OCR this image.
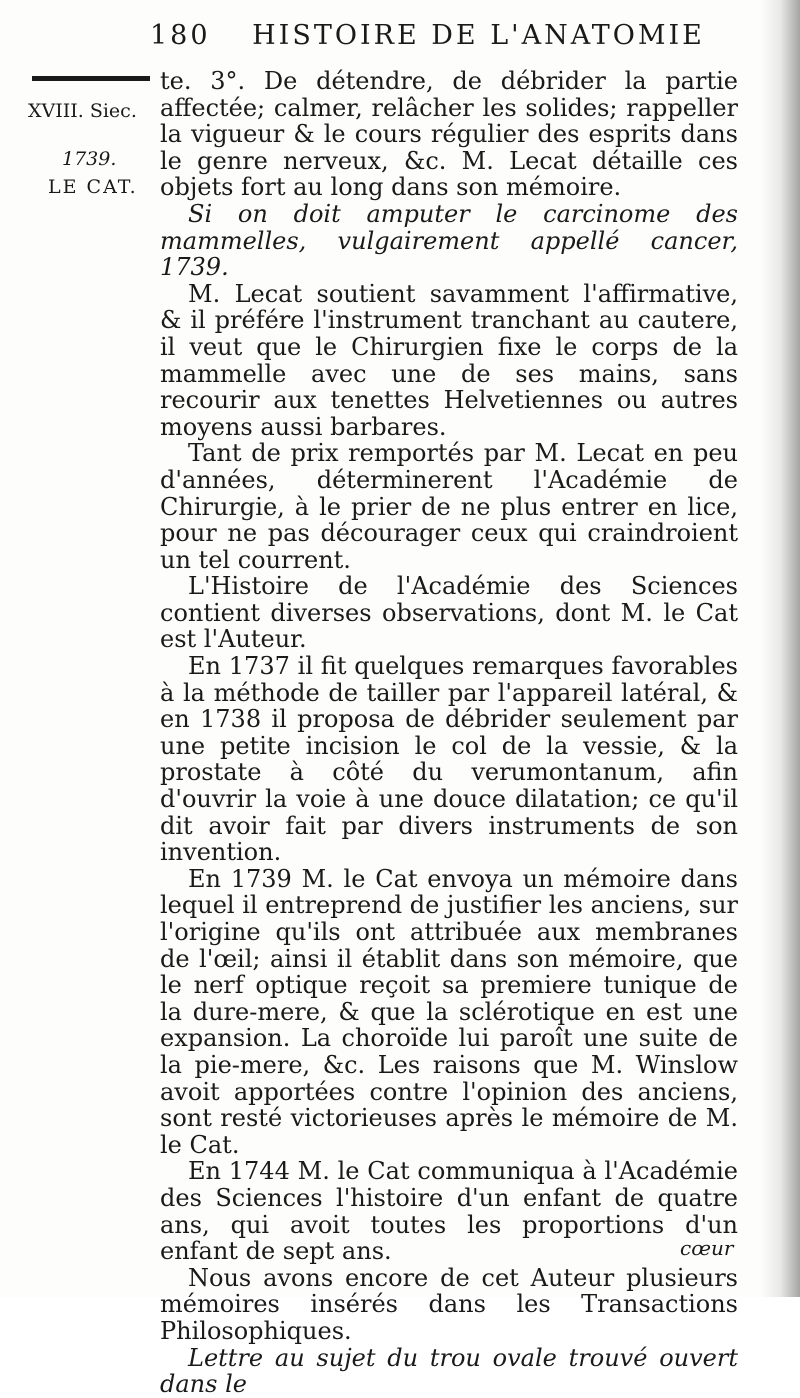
180 HISTOIRE DE L'ANATOMIE
XVIII. Siec.
1739.
LE CAT.

te. 3°. De détendre, de débrider la partie affectée; calmer, relâcher les solides; rappeller la vigueur & le cours régulier des esprits dans le genre nerveux, &c. M. Lecat détaille ces objets fort au long dans son mémoire.

Si on doit amputer le carcinome des mammelles, vulgairement appellé cancer, 1739.

M. Lecat soutient savamment l'affirmative, & il préfére l'instrument tranchant au cautere, il veut que le Chirurgien fixe le corps de la mammelle avec une de ses mains, sans recourir aux tenettes Helvetiennes ou autres moyens aussi barbares.

Tant de prix remportés par M. Lecat en peu d'années, déterminerent l'Académie de Chirurgie, à le prier de ne plus entrer en lice, pour ne pas décourager ceux qui craindroient un tel courrent.

L'Histoire de l'Académie des Sciences contient diverses observations, dont M. le Cat est l'Auteur.

En 1737 il fit quelques remarques favorables à la méthode de tailler par l'appareil latéral, & en 1738 il proposa de débrider seulement par une petite incision le col de la vessie, & la prostate à côté du verumontanum, afin d'ouvrir la voie à une douce dilatation; ce qu'il dit avoir fait par divers instruments de son invention.

En 1739 M. le Cat envoya un mémoire dans lequel il entreprend de justifier les anciens, sur l'origine qu'ils ont attribuée aux membranes de l'œil; ainsi il établit dans son mémoire, que le nerf optique reçoit sa premiere tunique de la dure-mere, & que la sclérotique en est une expansion. La choroïde lui paroît une suite de la pie-mere, &c. Les raisons que M. Winslow avoit apportées contre l'opinion des anciens, sont resté victorieuses après le mémoire de M. le Cat.

En 1744 M. le Cat communiqua à l'Académie des Sciences l'histoire d'un enfant de quatre ans, qui avoit toutes les proportions d'un enfant de sept ans.

Nous avons encore de cet Auteur plusieurs mémoires insérés dans les Transactions Philosophiques.

Lettre au sujet du trou ovale trouvé ouvert dans le

cœur
